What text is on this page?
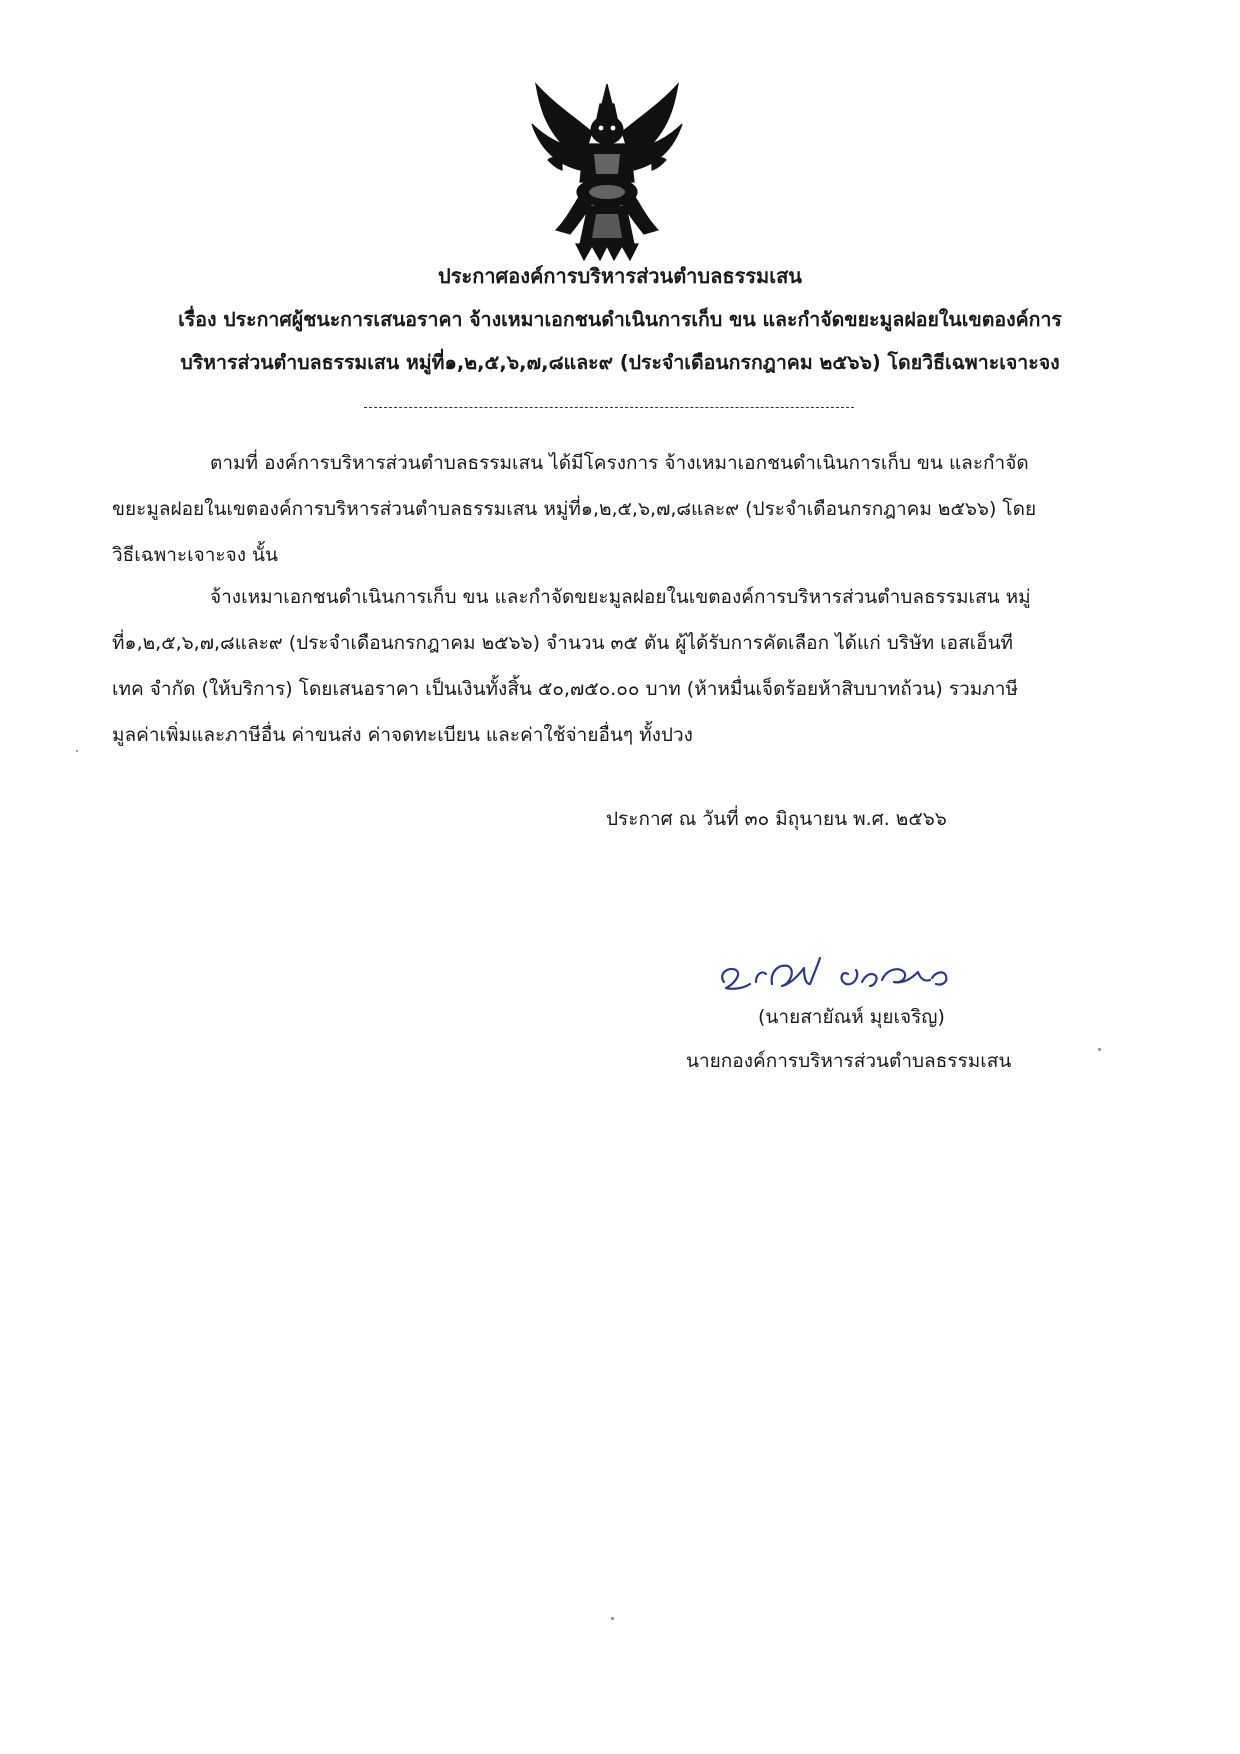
ประกาศองค์การบริหารส่วนตำบลธรรมเสน
เรื่อง ประกาศผู้ชนะการเสนอราคา จ้างเหมาเอกชนดำเนินการเก็บ ขน และกำจัดขยะมูลฝอยในเขตองค์การ
บริหารส่วนตำบลธรรมเสน หมู่ที่๑,๒,๕,๖,๗,๘และ๙ (ประจำเดือนกรกฎาคม ๒๕๖๖) โดยวิธีเฉพาะเจาะจง
ตามที่ องค์การบริหารส่วนตำบลธรรมเสน ได้มีโครงการ จ้างเหมาเอกชนดำเนินการเก็บ ขน และกำจัด
ขยะมูลฝอยในเขตองค์การบริหารส่วนตำบลธรรมเสน หมู่ที่๑,๒,๕,๖,๗,๘และ๙ (ประจำเดือนกรกฎาคม ๒๕๖๖) โดย
วิธีเฉพาะเจาะจง นั้น
จ้างเหมาเอกชนดำเนินการเก็บ ขน และกำจัดขยะมูลฝอยในเขตองค์การบริหารส่วนตำบลธรรมเสน หมู่
ที่๑,๒,๕,๖,๗,๘และ๙ (ประจำเดือนกรกฎาคม ๒๕๖๖) จำนวน ๓๕ ตัน ผู้ได้รับการคัดเลือก ได้แก่ บริษัท เอสเอ็นที
เทค จำกัด (ให้บริการ) โดยเสนอราคา เป็นเงินทั้งสิ้น ๕๐,๗๕๐.๐๐ บาท (ห้าหมื่นเจ็ดร้อยห้าสิบบาทถ้วน) รวมภาษี
มูลค่าเพิ่มและภาษีอื่น ค่าขนส่ง ค่าจดทะเบียน และค่าใช้จ่ายอื่นๆ ทั้งปวง
ประกาศ ณ วันที่ ๓๐ มิถุนายน พ.ศ. ๒๕๖๖
(นายสายัณห์ มุยเจริญ)
นายกองค์การบริหารส่วนตำบลธรรมเสน
